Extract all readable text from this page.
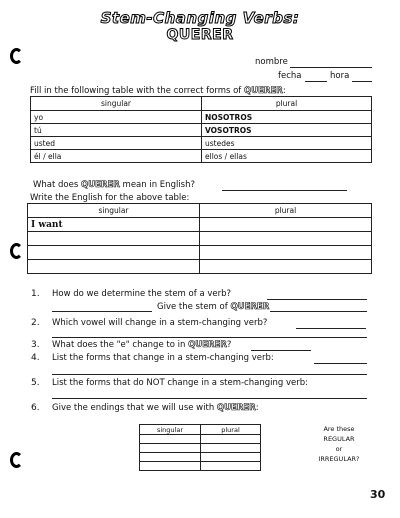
Stem-Changing Verbs:
QUERER
nombre
fecha	hora
Fill in the following table with the correct forms of QUERER:
singular	plural
yo	NOSOTROS
tú	VOSOTROS
usted	ustedes
él / ella	ellos / ellas
What does QUERER mean in English?
Write the English for the above table:
singular	plural
I want	

1. How do we determine the stem of a verb?
Give the stem of QUERER
2. Which vowel will change in a stem-changing verb?
3. What does the "e" change to in QUERER?
4. List the forms that change in a stem-changing verb:
5. List the forms that do NOT change in a stem-changing verb:
6. Give the endings that we will use with QUERER:
singular	plural

		Are these
REGULAR
or
IRREGULAR?
30
